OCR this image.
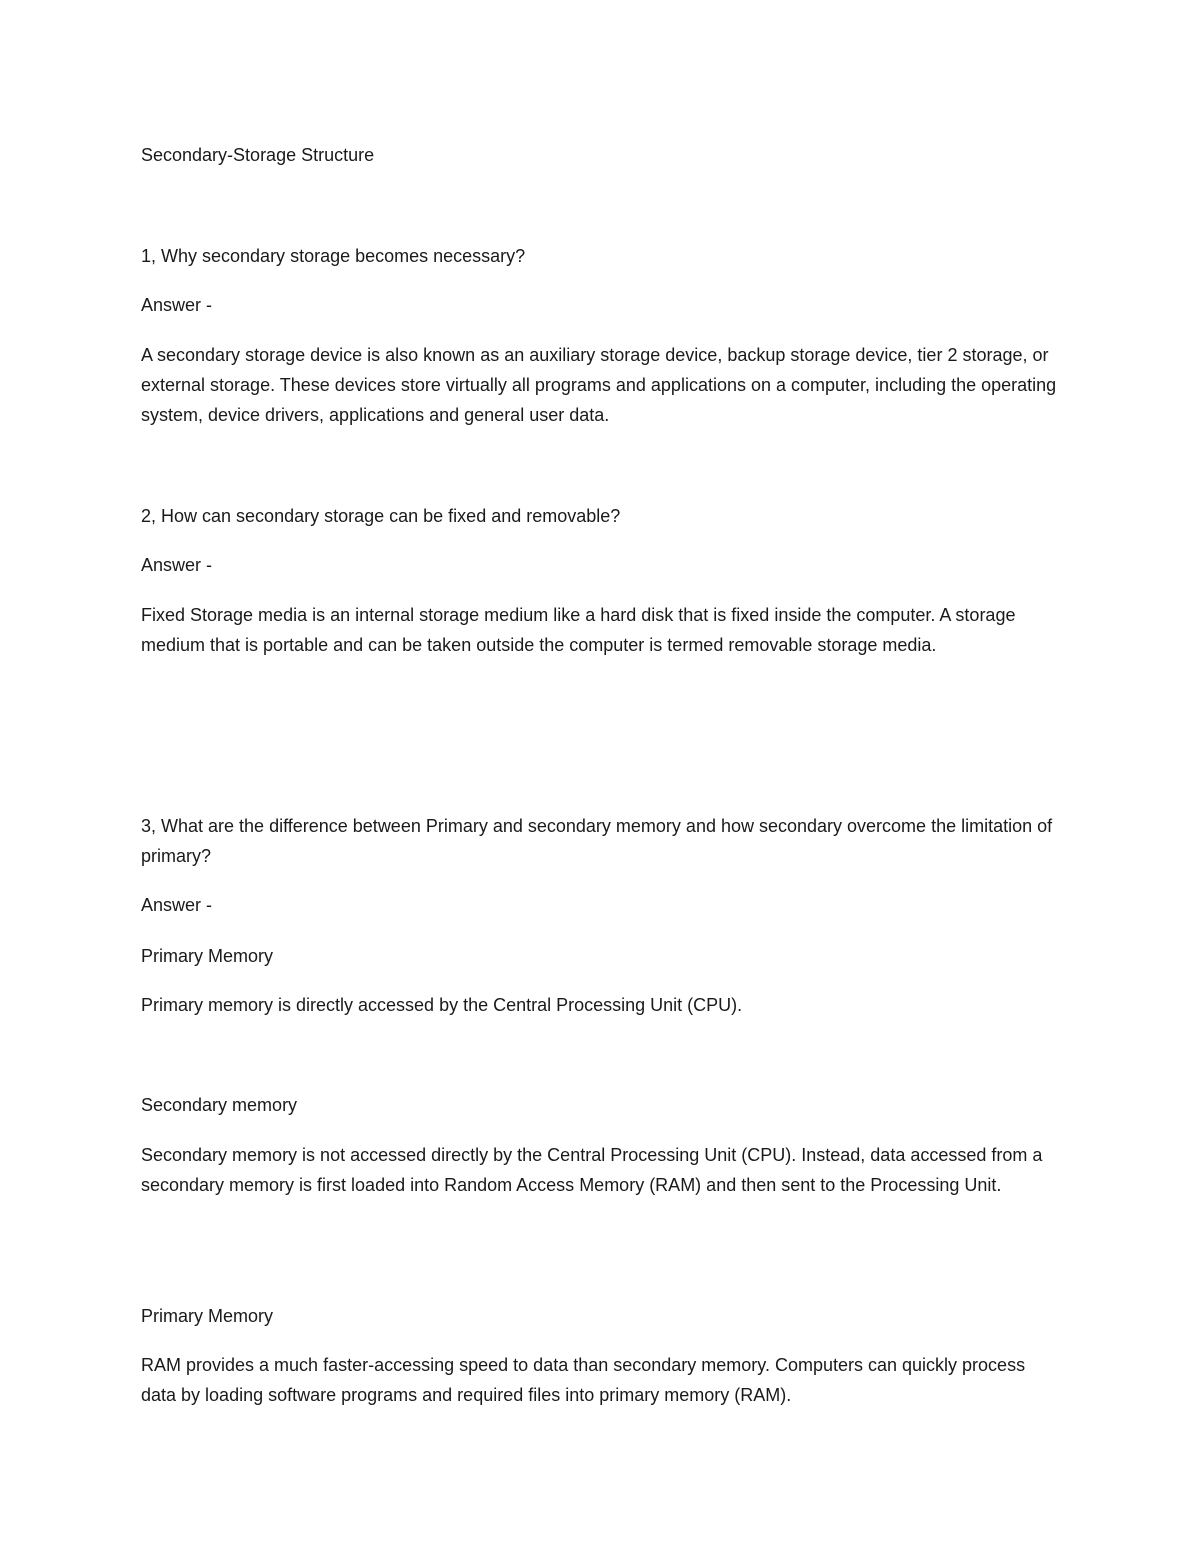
Secondary-Storage Structure

1, Why secondary storage becomes necessary?

Answer -

A secondary storage device is also known as an auxiliary storage device, backup storage device, tier 2 storage, or external storage. These devices store virtually all programs and applications on a computer, including the operating system, device drivers, applications and general user data.

2, How can secondary storage can be fixed and removable?

Answer -

Fixed Storage media is an internal storage medium like a hard disk that is fixed inside the computer. A storage medium that is portable and can be taken outside the computer is termed removable storage media.

3, What are the difference between Primary and secondary memory and how secondary overcome the limitation of primary?

Answer -

Primary Memory

Primary memory is directly accessed by the Central Processing Unit (CPU).

Secondary memory

Secondary memory is not accessed directly by the Central Processing Unit (CPU). Instead, data accessed from a secondary memory is first loaded into Random Access Memory (RAM) and then sent to the Processing Unit.

Primary Memory

RAM provides a much faster-accessing speed to data than secondary memory. Computers can quickly process data by loading software programs and required files into primary memory (RAM).
